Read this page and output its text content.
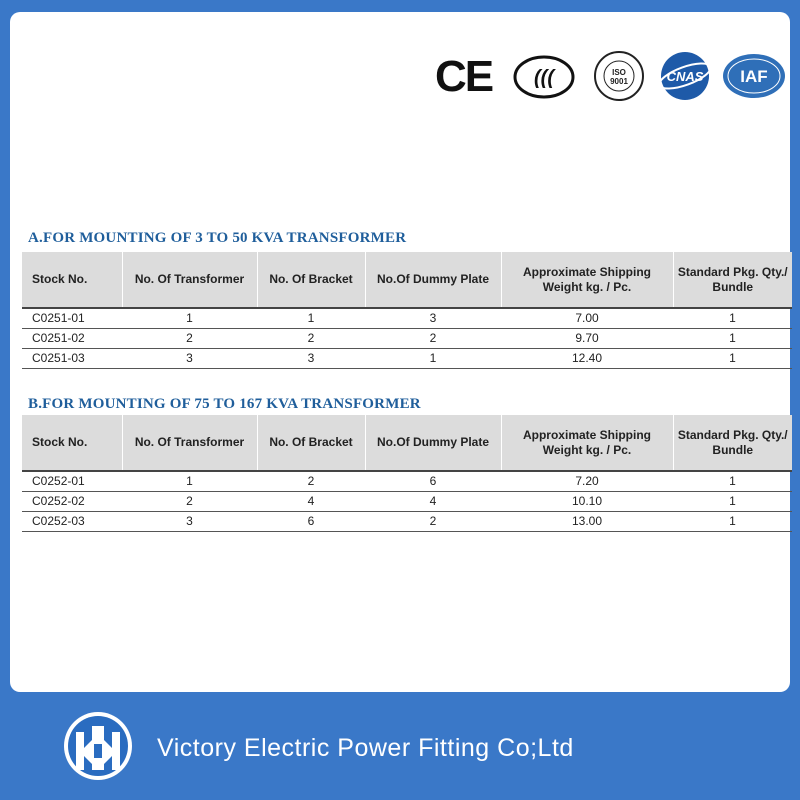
CE (((	ISO
9001	CNAS IAF
A.FOR MOUNTING OF 3 TO 50 KVA TRANSFORMER
Stock No.	No. Of Transformer	No. Of Bracket	No.Of Dummy Plate	Approximate Shipping Weight kg. / Pc.	Standard Pkg. Qty./ Bundle
C0251-01	1	1	3	7.00	1
C0251-02	2	2	2	9.70	1
C0251-03	3	3	1	12.40	1
B.FOR MOUNTING OF 75 TO 167 KVA TRANSFORMER
Stock No.	No. Of Transformer	No. Of Bracket	No.Of Dummy Plate	Approximate Shipping Weight kg. / Pc.	Standard Pkg. Qty./ Bundle
C0252-01	1	2	6	7.20	1
C0252-02	2	4	4	10.10	1
C0252-03	3	6	2	13.00	1
Victory Electric Power Fitting Co;Ltd
